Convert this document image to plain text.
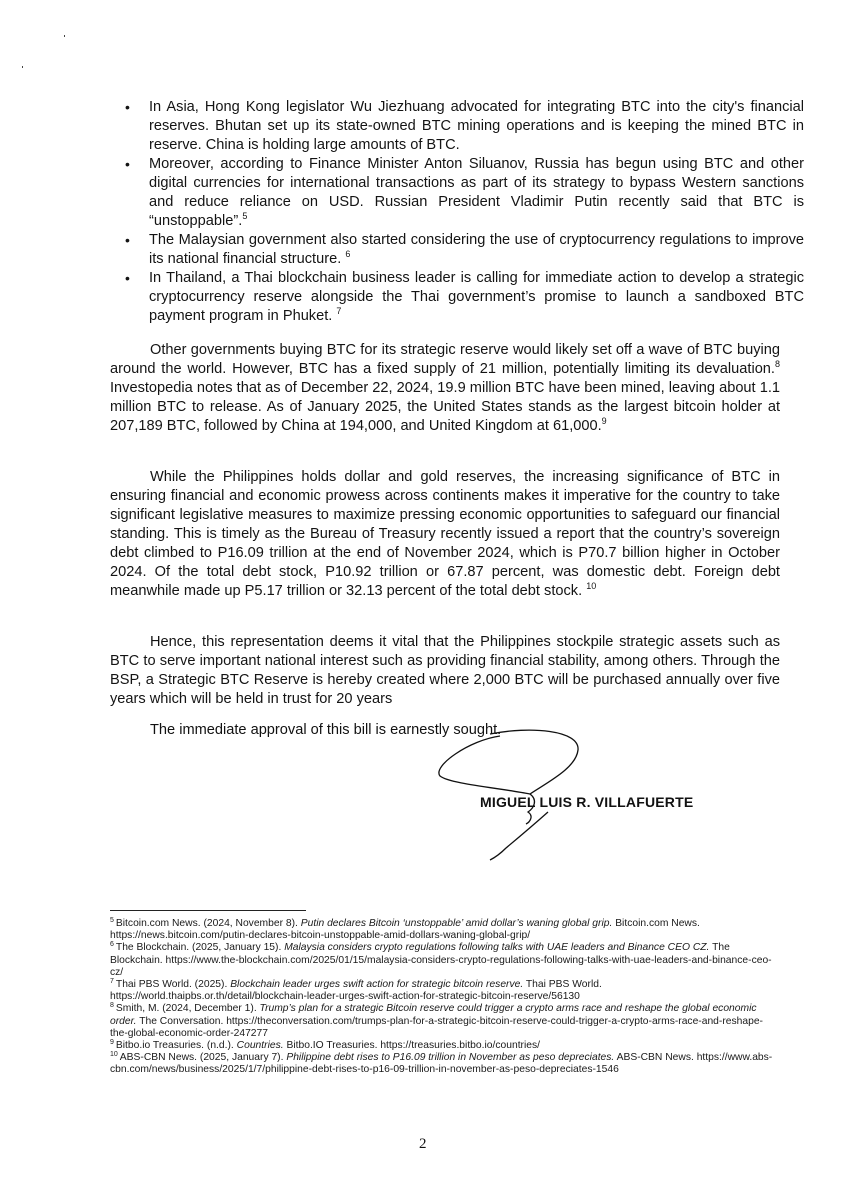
• In Asia, Hong Kong legislator Wu Jiezhuang advocated for integrating BTC into the city's financial reserves. Bhutan set up its state-owned BTC mining operations and is keeping the mined BTC in reserve. China is holding large amounts of BTC.
• Moreover, according to Finance Minister Anton Siluanov, Russia has begun using BTC and other digital currencies for international transactions as part of its strategy to bypass Western sanctions and reduce reliance on USD. Russian President Vladimir Putin recently said that BTC is “unstoppable”.$^5$
• The Malaysian government also started considering the use of cryptocurrency regulations to improve its national financial structure. $^6$
• In Thailand, a Thai blockchain business leader is calling for immediate action to develop a strategic cryptocurrency reserve alongside the Thai government’s promise to launch a sandboxed BTC payment program in Phuket. $^7$

Other governments buying BTC for its strategic reserve would likely set off a wave of BTC buying around the world. However, BTC has a fixed supply of 21 million, potentially limiting its devaluation.$^8$ Investopedia notes that as of December 22, 2024, 19.9 million BTC have been mined, leaving about 1.1 million BTC to release. As of January 2025, the United States stands as the largest bitcoin holder at 207,189 BTC, followed by China at 194,000, and United Kingdom at 61,000.$^9$

While the Philippines holds dollar and gold reserves, the increasing significance of BTC in ensuring financial and economic prowess across continents makes it imperative for the country to take significant legislative measures to maximize pressing economic opportunities to safeguard our financial standing. This is timely as the Bureau of Treasury recently issued a report that the country’s sovereign debt climbed to P16.09 trillion at the end of November 2024, which is P70.7 billion higher in October 2024. Of the total debt stock, P10.92 trillion or 67.87 percent, was domestic debt. Foreign debt meanwhile made up P5.17 trillion or 32.13 percent of the total debt stock. $^{10}$

Hence, this representation deems it vital that the Philippines stockpile strategic assets such as BTC to serve important national interest such as providing financial stability, among others. Through the BSP, a Strategic BTC Reserve is hereby created where 2,000 BTC will be purchased annually over five years which will be held in trust for 20 years

The immediate approval of this bill is earnestly sought.

MIGUEL LUIS R. VILLAFUERTE

$^5$ Bitcoin.com News. (2024, November 8). Putin declares Bitcoin ‘unstoppable’ amid dollar’s waning global grip. Bitcoin.com News. https://news.bitcoin.com/putin-declares-bitcoin-unstoppable-amid-dollars-waning-global-grip/

$^6$ The Blockchain. (2025, January 15). Malaysia considers crypto regulations following talks with UAE leaders and Binance CEO CZ. The Blockchain. https://www.the-blockchain.com/2025/01/15/malaysia-considers-crypto-regulations-following-talks-with-uae-leaders-and-binance-ceo-cz/

$^7$ Thai PBS World. (2025). Blockchain leader urges swift action for strategic bitcoin reserve. Thai PBS World. https://world.thaipbs.or.th/detail/blockchain-leader-urges-swift-action-for-strategic-bitcoin-reserve/56130

$^8$ Smith, M. (2024, December 1). Trump’s plan for a strategic Bitcoin reserve could trigger a crypto arms race and reshape the global economic order. The Conversation. https://theconversation.com/trumps-plan-for-a-strategic-bitcoin-reserve-could-trigger-a-crypto-arms-race-and-reshape-the-global-economic-order-247277

$^9$ Bitbo.io Treasuries. (n.d.). Countries. Bitbo.IO Treasuries. https://treasuries.bitbo.io/countries/

$^{10}$ ABS-CBN News. (2025, January 7). Philippine debt rises to P16.09 trillion in November as peso depreciates. ABS-CBN News. https://www.abs-cbn.com/news/business/2025/1/7/philippine-debt-rises-to-p16-09-trillion-in-november-as-peso-depreciates-1546

2
